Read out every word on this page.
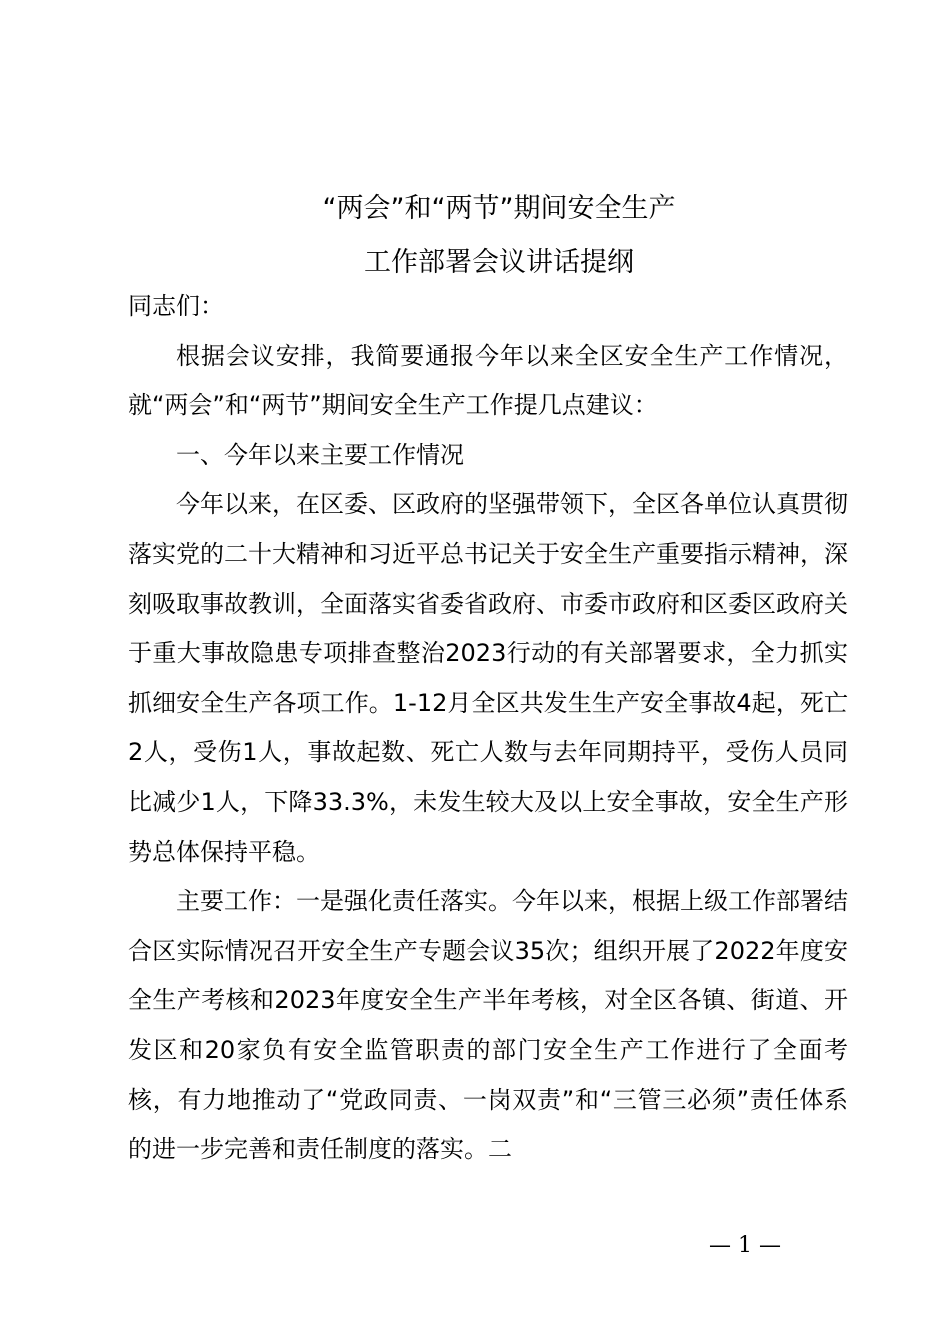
“两会”和“两节”期间安全生产
工作部署会议讲话提纲

同志们：

根据会议安排，我简要通报今年以来全区安全生产工作情况，就“两会”和“两节”期间安全生产工作提几点建议：

一、今年以来主要工作情况

今年以来，在区委、区政府的坚强带领下，全区各单位认真贯彻落实党的二十大精神和习近平总书记关于安全生产重要指示精神，深刻吸取事故教训，全面落实省委省政府、市委市政府和区委区政府关于重大事故隐患专项排查整治2023行动的有关部署要求，全力抓实抓细安全生产各项工作。1-12月全区共发生生产安全事故4起，死亡2人，受伤1人，事故起数、死亡人数与去年同期持平，受伤人员同比减少1人，下降33.3%，未发生较大及以上安全事故，安全生产形势总体保持平稳。

主要工作：一是强化责任落实。今年以来，根据上级工作部署结合区实际情况召开安全生产专题会议35次；组织开展了2022年度安全生产考核和2023年度安全生产半年考核，对全区各镇、街道、开发区和20家负有安全监管职责的部门安全生产工作进行了全面考核，有力地推动了“党政同责、一岗双责”和“三管三必须”责任体系的进一步完善和责任制度的落实。二

— 1 —
